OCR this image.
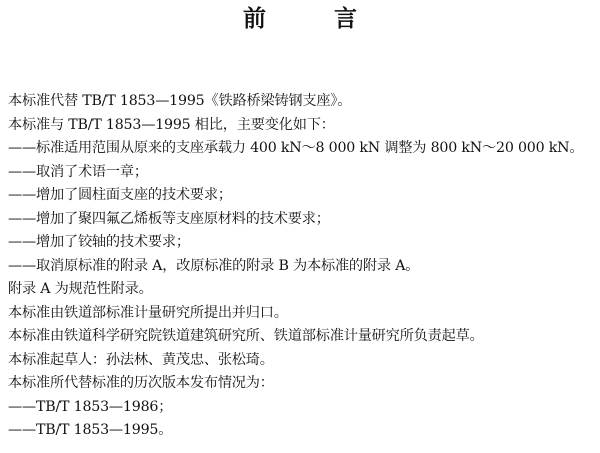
前 言
本标准代替 TB/T 1853—1995《铁路桥梁铸钢支座》。
本标准与 TB/T 1853—1995 相比，主要变化如下：
——标准适用范围从原来的支座承载力 400 kN～8 000 kN 调整为 800 kN～20 000 kN。
——取消了术语一章；
——增加了圆柱面支座的技术要求；
——增加了聚四氟乙烯板等支座原材料的技术要求；
——增加了铰轴的技术要求；
——取消原标准的附录 A，改原标准的附录 B 为本标准的附录 A。
附录 A 为规范性附录。
本标准由铁道部标准计量研究所提出并归口。
本标准由铁道科学研究院铁道建筑研究所、铁道部标准计量研究所负责起草。
本标准起草人：孙法林、黄茂忠、张松琦。
本标准所代替标准的历次版本发布情况为：
——TB/T 1853—1986；
——TB/T 1853—1995。
